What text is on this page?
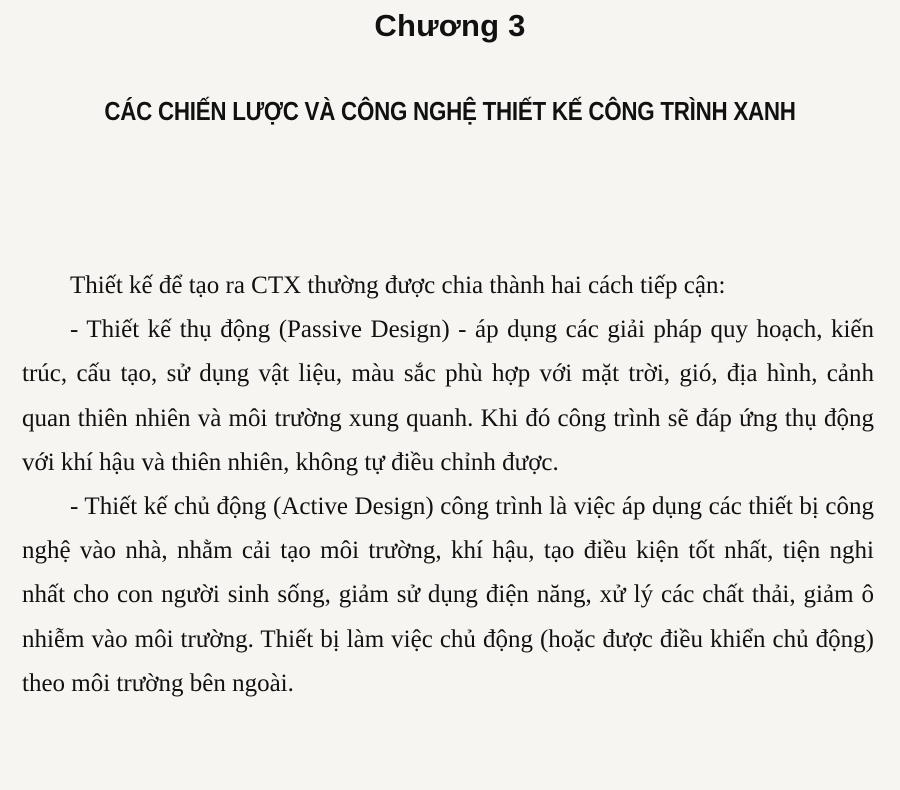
Chương 3
CÁC CHIẾN LƯỢC VÀ CÔNG NGHỆ THIẾT KẾ CÔNG TRÌNH XANH

Thiết kế để tạo ra CTX thường được chia thành hai cách tiếp cận:

- Thiết kế thụ động (Passive Design) - áp dụng các giải pháp quy hoạch, kiến trúc, cấu tạo, sử dụng vật liệu, màu sắc phù hợp với mặt trời, gió, địa hình, cảnh quan thiên nhiên và môi trường xung quanh. Khi đó công trình sẽ đáp ứng thụ động với khí hậu và thiên nhiên, không tự điều chỉnh được.

- Thiết kế chủ động (Active Design) công trình là việc áp dụng các thiết bị công nghệ vào nhà, nhằm cải tạo môi trường, khí hậu, tạo điều kiện tốt nhất, tiện nghi nhất cho con người sinh sống, giảm sử dụng điện năng, xử lý các chất thải, giảm ô nhiễm vào môi trường. Thiết bị làm việc chủ động (hoặc được điều khiển chủ động) theo môi trường bên ngoài.
